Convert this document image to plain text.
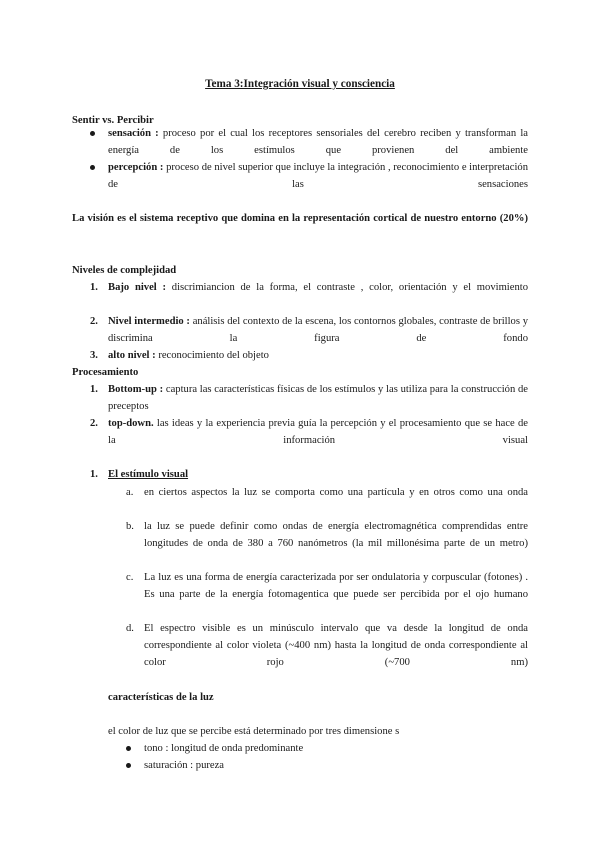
Tema 3:Integración visual y consciencia
Sentir vs. Percibir
sensación : proceso por el cual los receptores sensoriales del cerebro reciben y transforman la energía de los estímulos que provienen del ambiente
percepción : proceso de nivel superior que incluye la integración , reconocimiento e interpretación de las sensaciones
La visión es el sistema receptivo que domina en la representación cortical de nuestro entorno (20%)
Niveles de complejidad
1. Bajo nivel : discrimiancion de la forma, el contraste , color, orientación y el movimiento
2. Nivel intermedio : análisis del contexto de la escena, los contornos globales, contraste de brillos y discrimina la figura de fondo
3. alto nivel : reconocimiento del objeto
Procesamiento
1. Bottom-up : captura las características físicas de los estímulos y las utiliza para la construcción de preceptos
2. top-down. las ideas y la experiencia previa guía la percepción y el procesamiento que se hace de la información visual
1. El estímulo visual
a. en ciertos aspectos la luz se comporta como una partícula y en otros como una onda
b. la luz se puede definir como ondas de energía electromagnética comprendidas entre longitudes de onda de 380 a 760 nanómetros (la mil millonésima parte de un metro)
c. La luz es una forma de energía caracterizada por ser ondulatoria y corpuscular (fotones) . Es una parte de la energía fotomagentica que puede ser percibida por el ojo humano
d. El espectro visible es un minúsculo intervalo que va desde la longitud de onda correspondiente al color violeta (~400 nm) hasta la longitud de onda correspondiente al color rojo (~700 nm)
características de la luz
el color de luz que se percibe está determinado por tres dimensione s
tono : longitud de onda predominante
saturación : pureza
